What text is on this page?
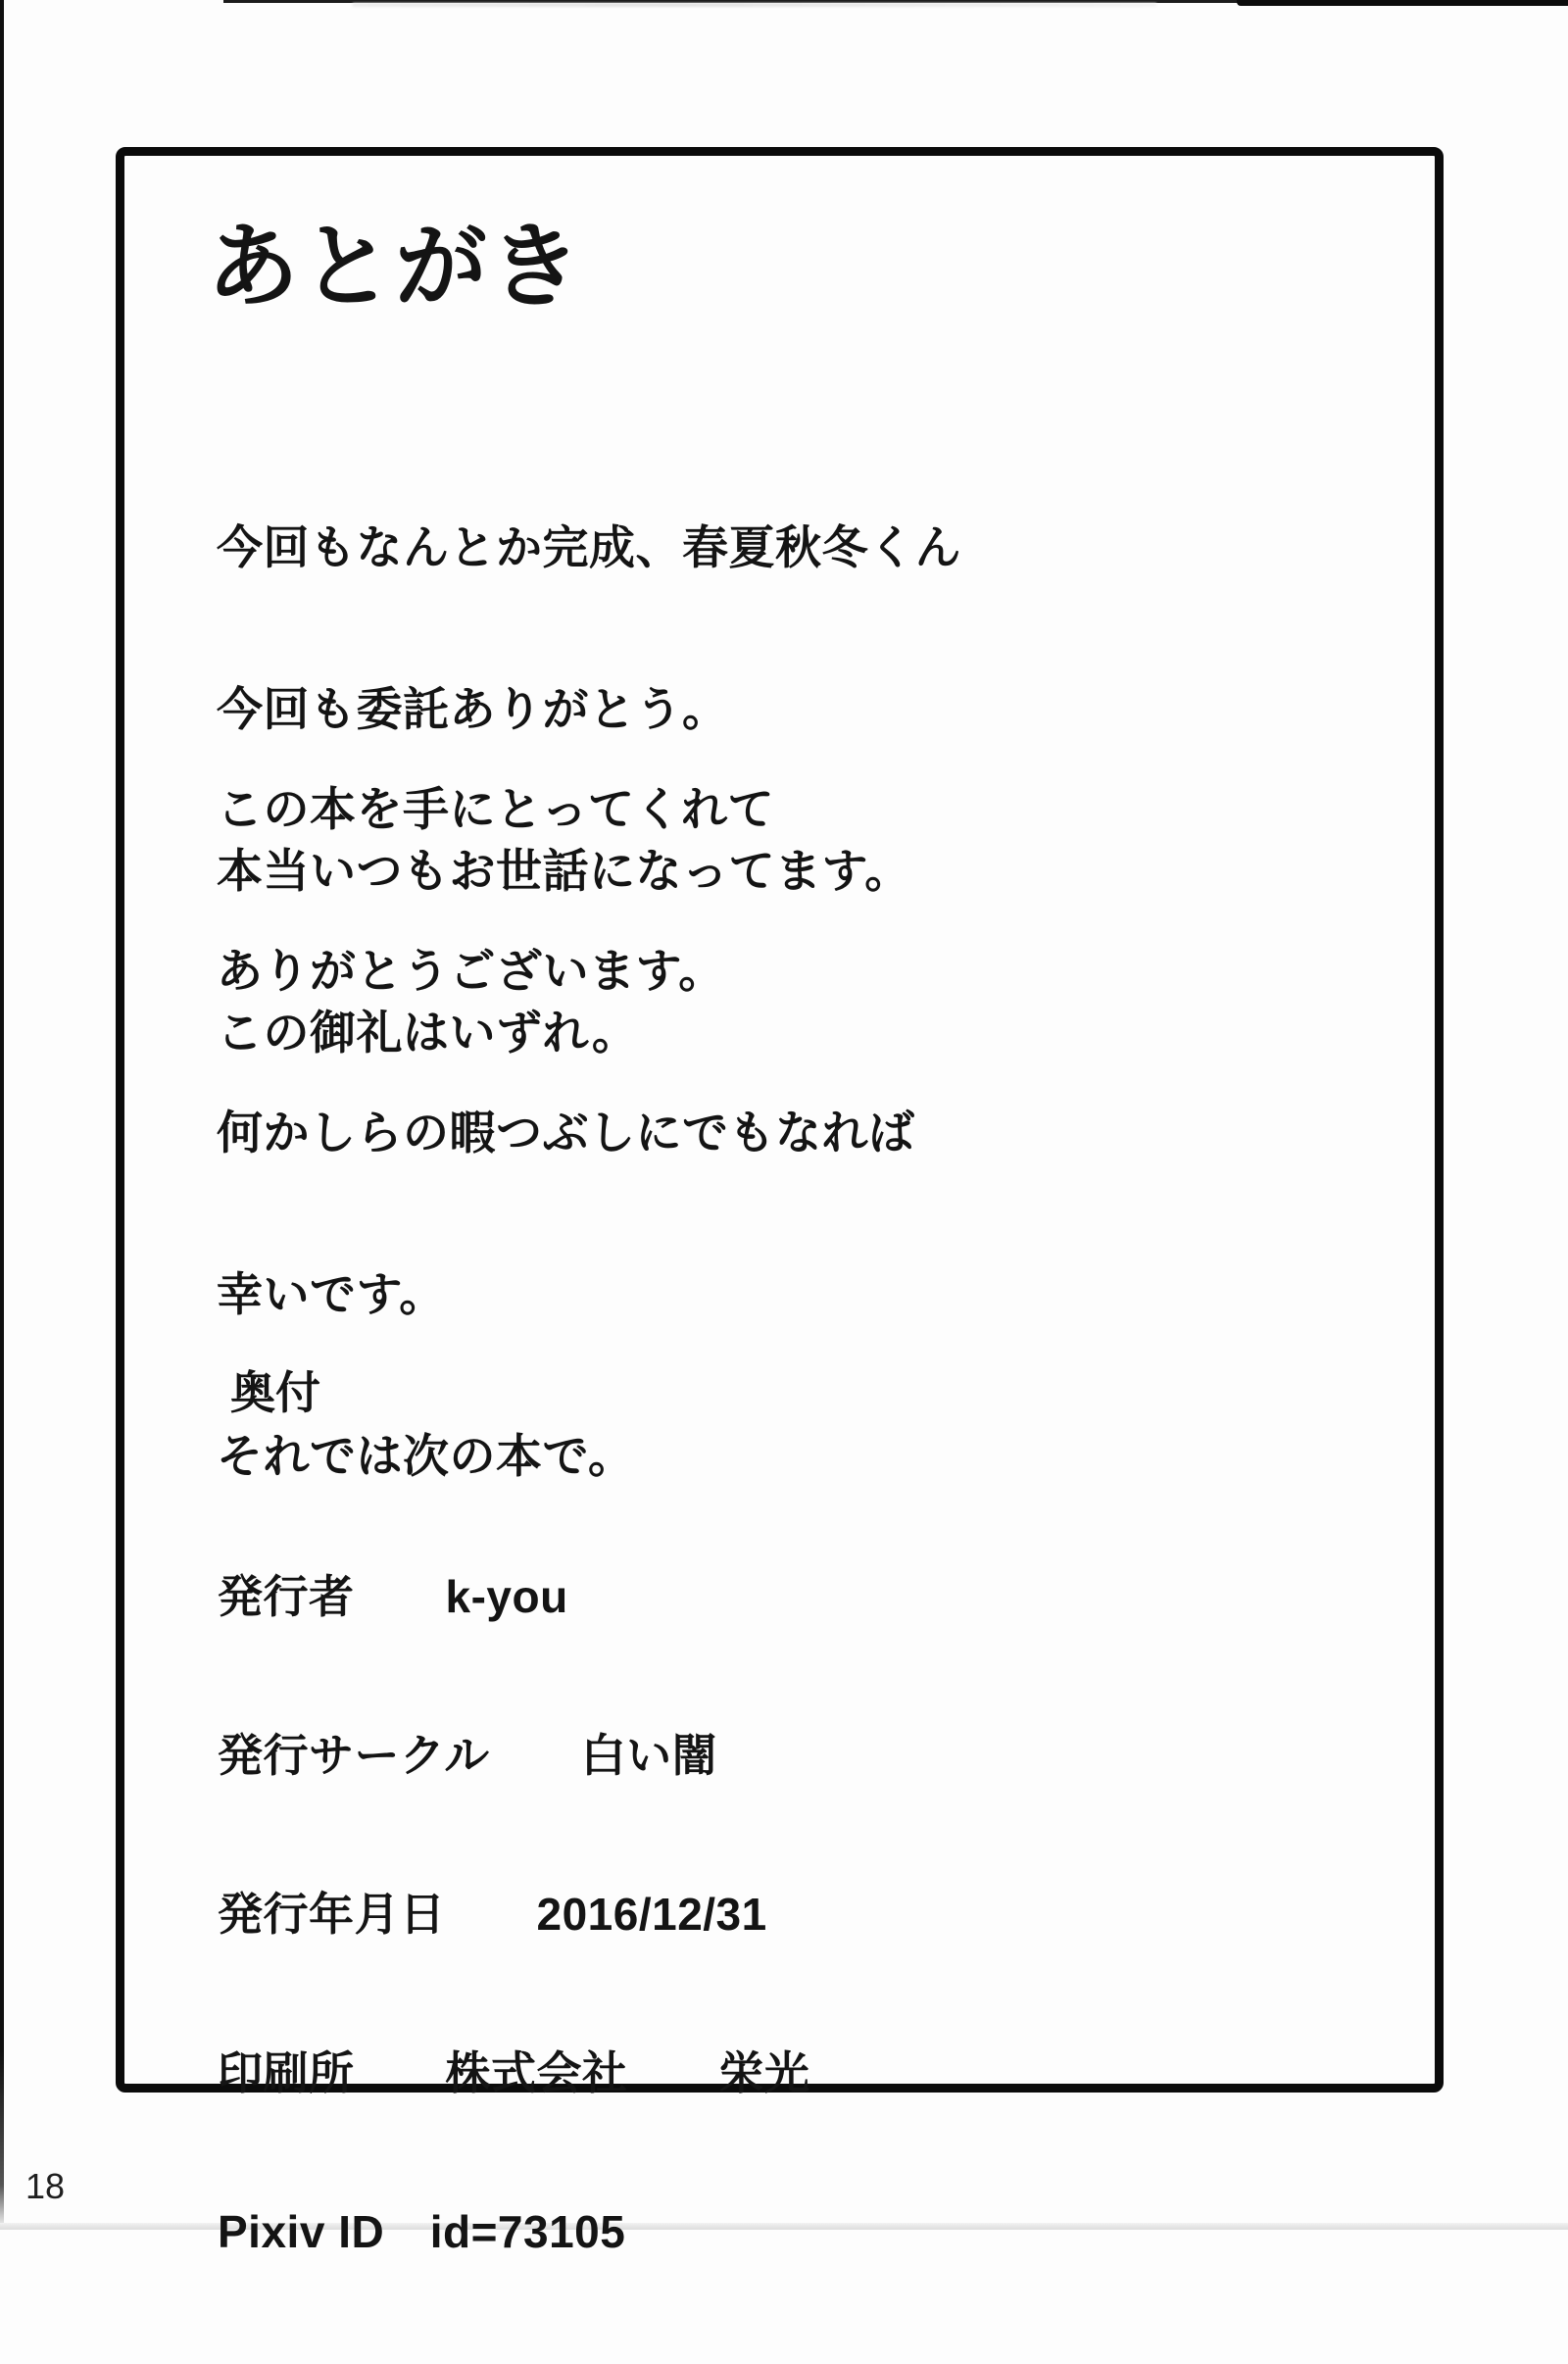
あとがき

今回もなんとか完成、春夏秋冬くん

今回も委託ありがとう。

本当いつもお世話になってます。

この御礼はいずれ。

この本を手にとってくれて

ありがとうございます。

何かしらの暇つぶしにでもなれば

幸いです。

それでは次の本で。

奥付

発行者　　k-you

発行サークル　　白い闇

発行年月日　　2016/12/31

印刷所　　株式会社　　栄光

Pixiv ID　id=73105

18
